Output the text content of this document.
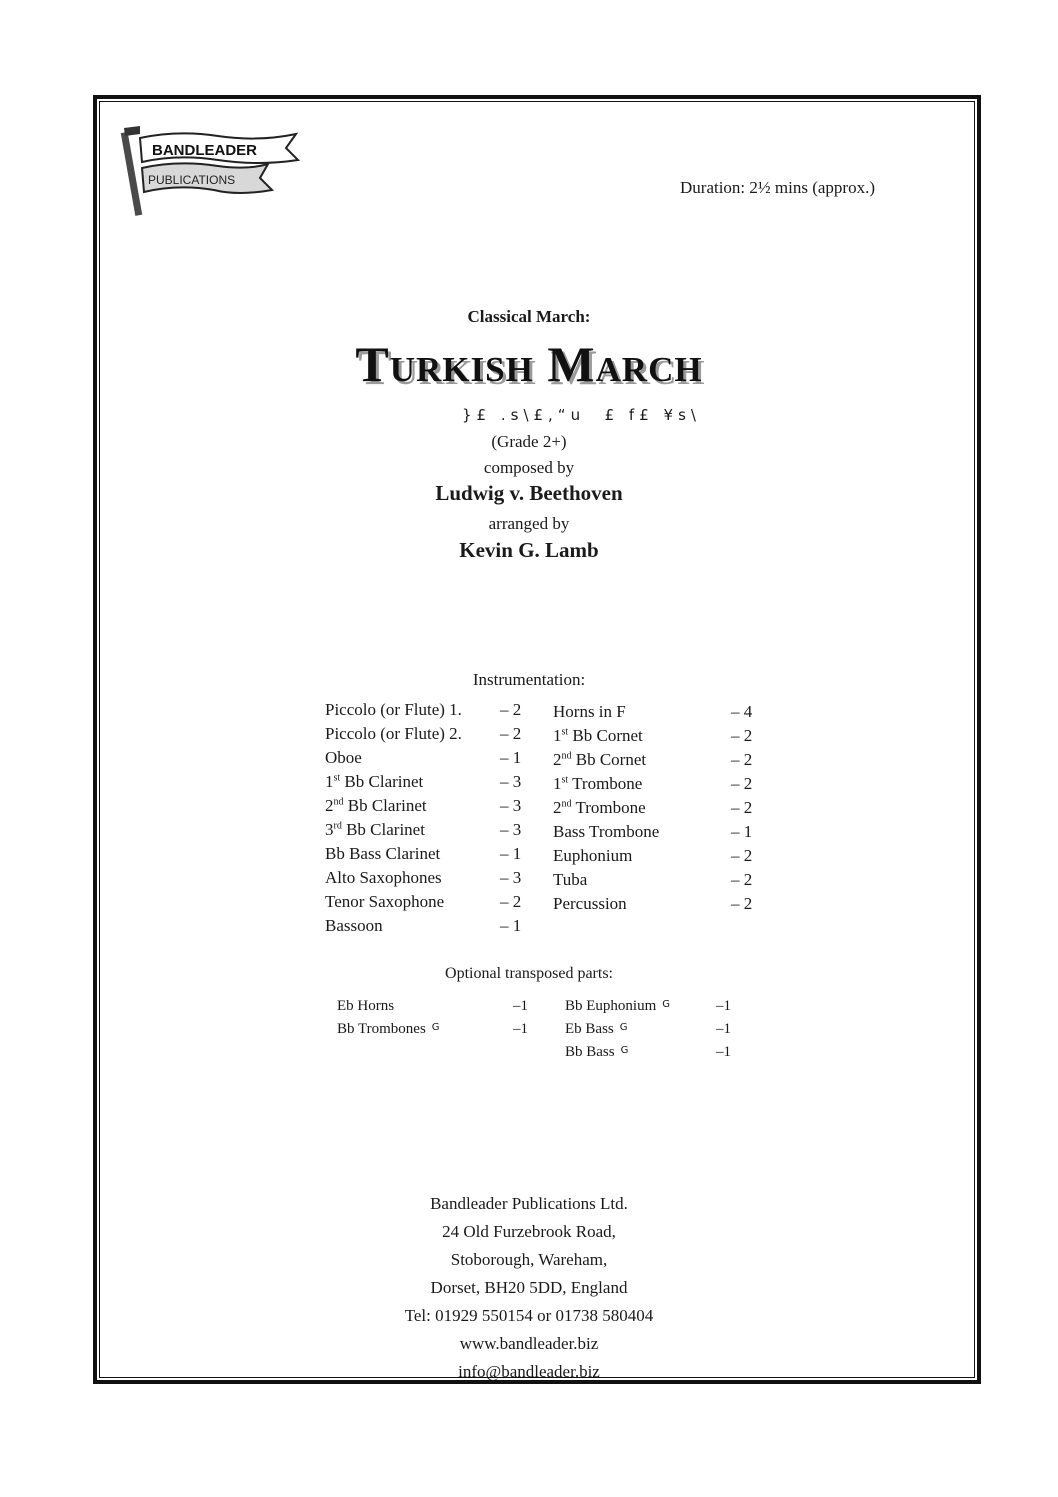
BANDLEADER
PUBLICATIONS	Duration: 2½ mins (approx.)
Classical March:
Turkish March
}£ .s\£,“u  £ f£ ¥s\
(Grade 2+)
composed by
Ludwig v. Beethoven
arranged by
Kevin G. Lamb
Instrumentation:
Piccolo (or Flute) 1. – 2
Piccolo (or Flute) 2. – 2
Oboe	– 1
1st Bb Clarinet	– 3
2nd Bb Clarinet	– 3
3rd Bb Clarinet	– 3
Bb Bass Clarinet	– 1
Alto Saxophones	– 3
Tenor Saxophone	– 2
Bassoon	– 1
Horns in F	– 4
1st Bb Cornet	– 2
2nd Bb Cornet	– 2
1st Trombone	– 2
2nd Trombone	– 2
Bass Trombone	– 1
Euphonium	– 2
Tuba	– 2
Percussion	– 2
Optional transposed parts:
Eb Horns	–1
Bb Trombones $^G$	–1
Bb Euphonium $^G$	–1
Eb Bass $^G$	–1
Bb Bass $^G$	–1
Bandleader Publications Ltd.
24 Old Furzebrook Road,
Stoborough, Wareham,
Dorset, BH20 5DD, England
Tel: 01929 550154 or 01738 580404
www.bandleader.biz
info@bandleader.biz
